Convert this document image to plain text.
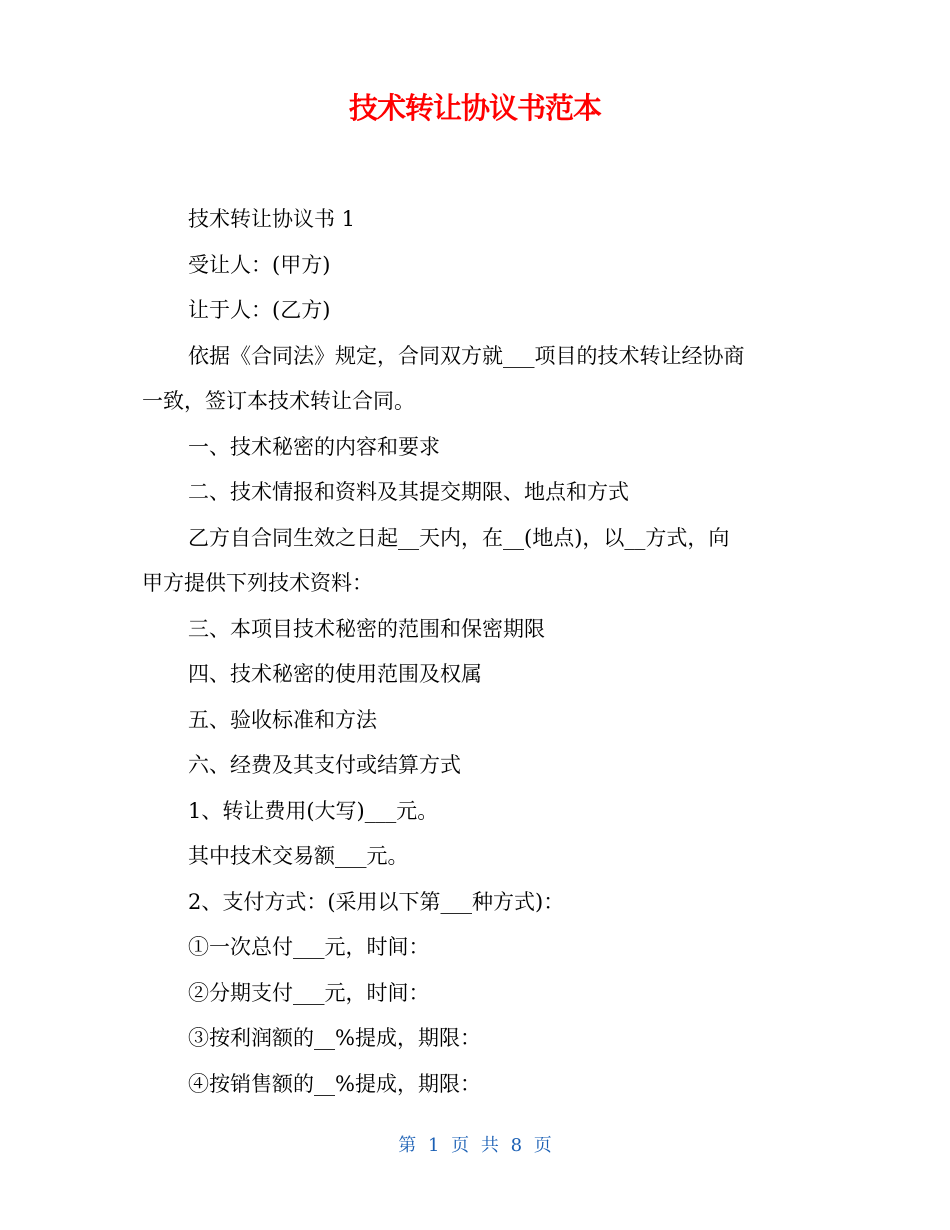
技术转让协议书范本
技术转让协议书 1
受让人：(甲方)
让于人：(乙方)
依据《合同法》规定，合同双方就___项目的技术转让经协商
一致，签订本技术转让合同。
一、技术秘密的内容和要求
二、技术情报和资料及其提交期限、地点和方式
乙方自合同生效之日起__天内，在__(地点)，以__方式，向
甲方提供下列技术资料：
三、本项目技术秘密的范围和保密期限
四、技术秘密的使用范围及权属
五、验收标准和方法
六、经费及其支付或结算方式
1、转让费用(大写)___元。
其中技术交易额___元。
2、支付方式：(采用以下第___种方式)：
①一次总付___元，时间：
②分期支付___元，时间：
③按利润额的__%提成，期限：
④按销售额的__%提成，期限：
第 1 页 共 8 页
